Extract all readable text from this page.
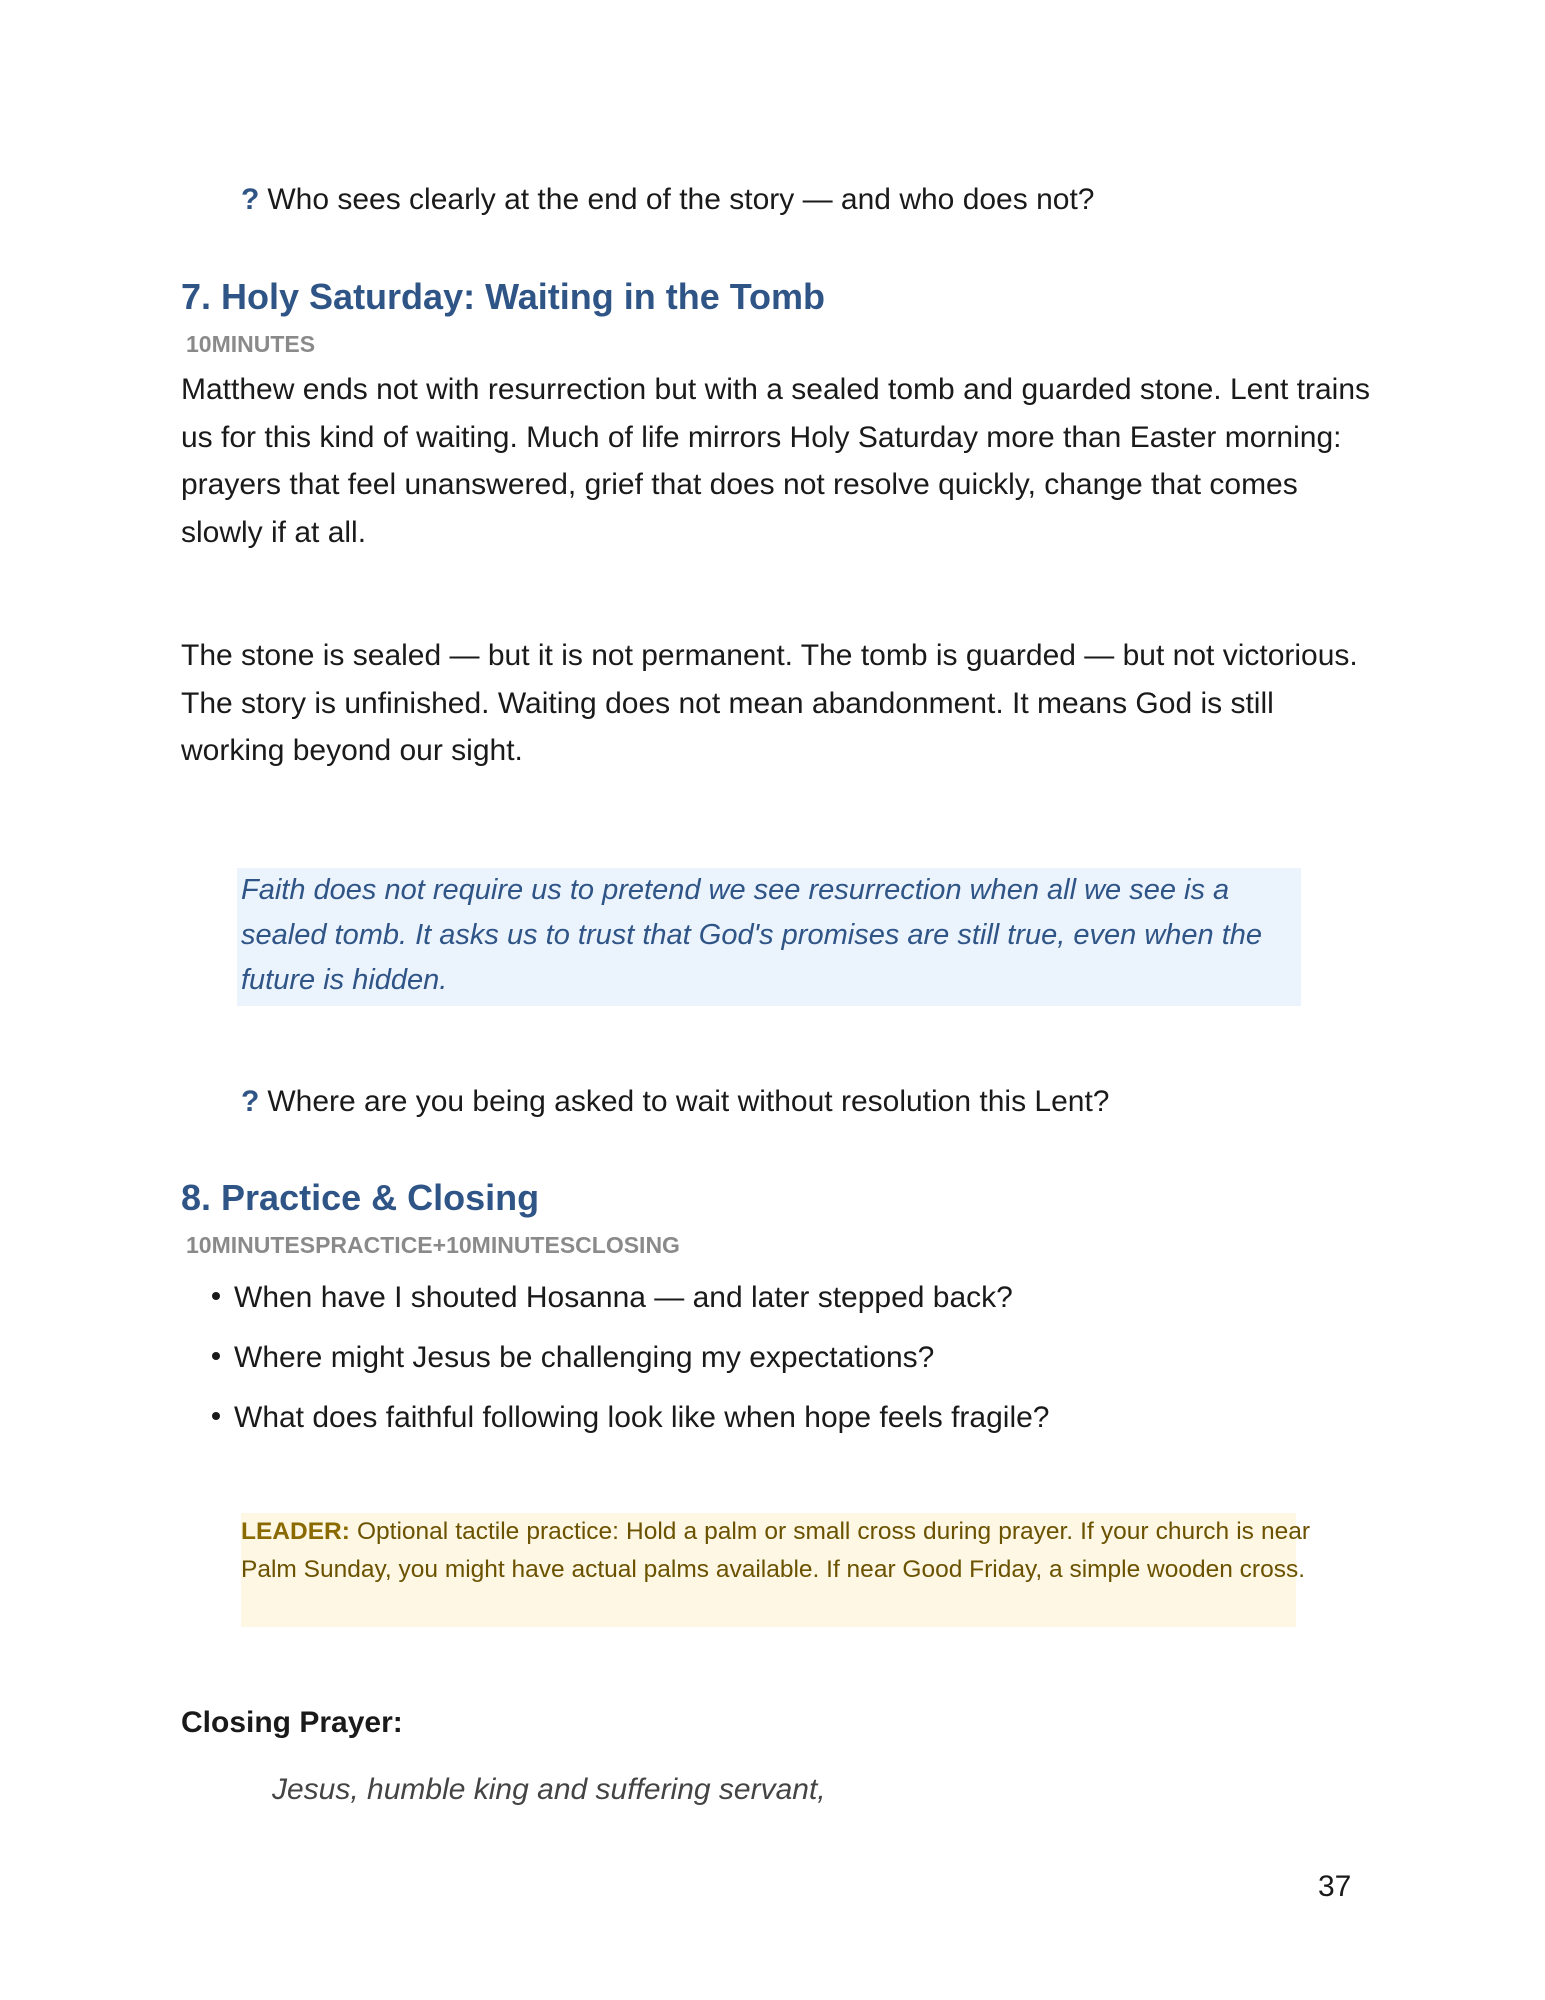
? Who sees clearly at the end of the story — and who does not?
7. Holy Saturday: Waiting in the Tomb
10MINUTES
Matthew ends not with resurrection but with a sealed tomb and guarded stone. Lent trains us for this kind of waiting. Much of life mirrors Holy Saturday more than Easter morning: prayers that feel unanswered, grief that does not resolve quickly, change that comes slowly if at all.
The stone is sealed — but it is not permanent. The tomb is guarded — but not victorious. The story is unfinished. Waiting does not mean abandonment. It means God is still working beyond our sight.

Faith does not require us to pretend we see resurrection when all we see is a sealed tomb. It asks us to trust that God's promises are still true, even when the future is hidden.

? Where are you being asked to wait without resolution this Lent?
8. Practice & Closing
10MINUTESPRACTICE+10MINUTESCLOSING
When have I shouted Hosanna — and later stepped back?
Where might Jesus be challenging my expectations?
What does faithful following look like when hope feels fragile?

LEADER: Optional tactile practice: Hold a palm or small cross during prayer. If your church is near Palm Sunday, you might have actual palms available. If near Good Friday, a simple wooden cross.

Closing Prayer:
Jesus, humble king and suffering servant,
37
